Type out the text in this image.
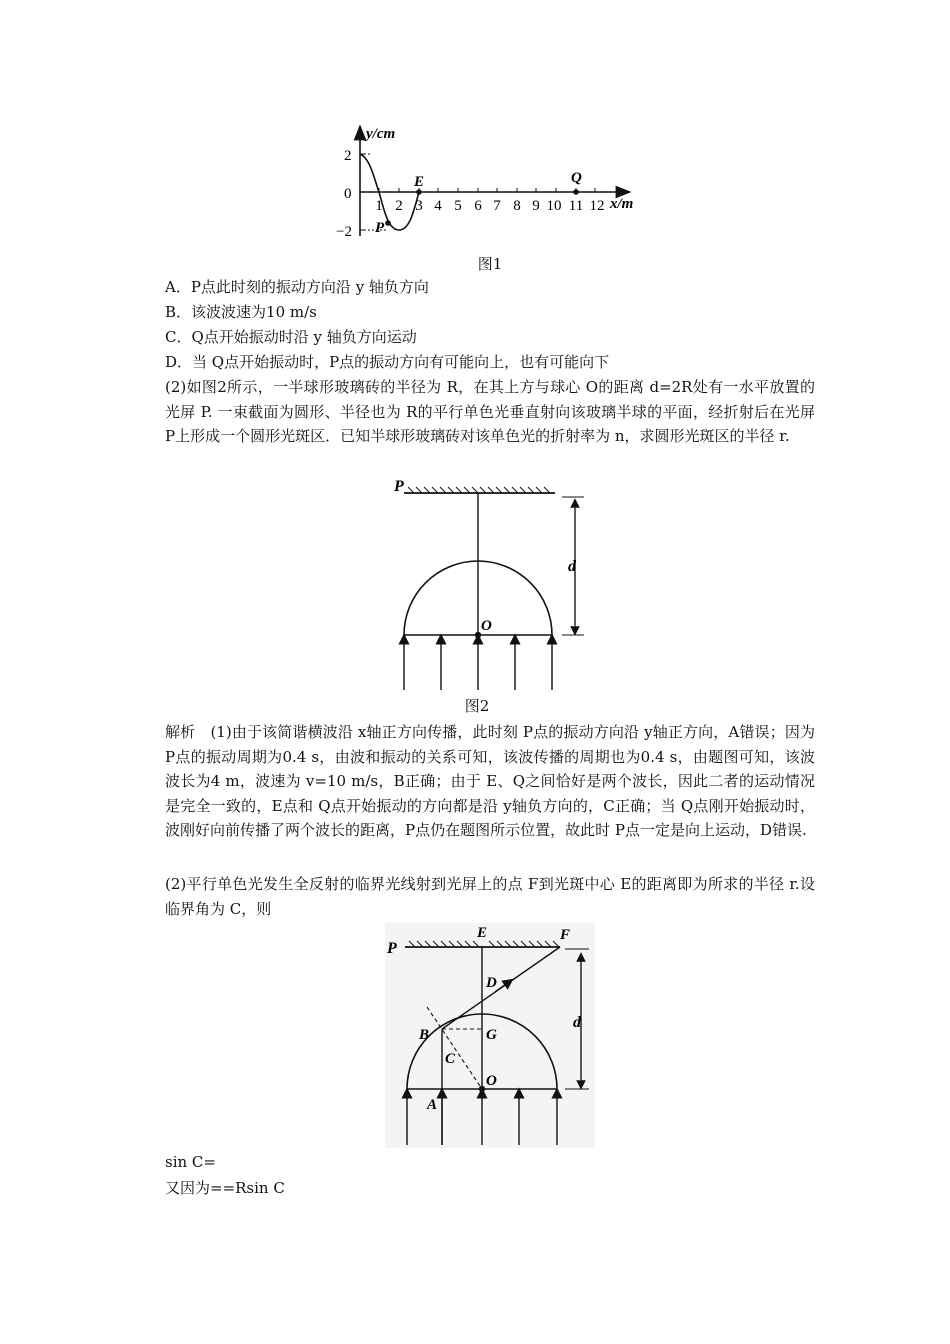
y/cm
x/m
2
0
−2
1 2 3 4 5 6 7 8 9 10 11 12
E	Q
P
图1
A．P点此时刻的振动方向沿 y 轴负方向
B．该波波速为10 m/s
C．Q点开始振动时沿 y 轴负方向运动
D．当 Q点开始振动时，P点的振动方向有可能向上，也有可能向下
(2)如图2所示，一半球形玻璃砖的半径为 R，在其上方与球心 O的距离 d=2R处有一水平放置的光屏 P. 一束截面为圆形、半径也为 R的平行单色光垂直射向该玻璃半球的平面，经折射后在光屏 P上形成一个圆形光斑区．已知半球形玻璃砖对该单色光的折射率为 n，求圆形光斑区的半径 r.
P
d
O
图2
解析　(1)由于该简谐横波沿 x轴正方向传播，此时刻 P点的振动方向沿 y轴正方向，A错误；因为 P点的振动周期为0.4 s，由波和振动的关系可知，该波传播的周期也为0.4 s，由题图可知，该波波长为4 m，波速为 v=10 m/s，B正确；由于 E、Q之间恰好是两个波长，因此二者的运动情况是完全一致的，E点和 Q点开始振动的方向都是沿 y轴负方向的，C正确；当 Q点刚开始振动时，波刚好向前传播了两个波长的距离，P点仍在题图所示位置，故此时 P点一定是向上运动，D错误.
(2)平行单色光发生全反射的临界光线射到光屏上的点 F到光斑中心 E的距离即为所求的半径 r.设临界角为 C，则
P
E	F
D
B	G
C
O
A
d
sin C=
又因为==Rsin C
